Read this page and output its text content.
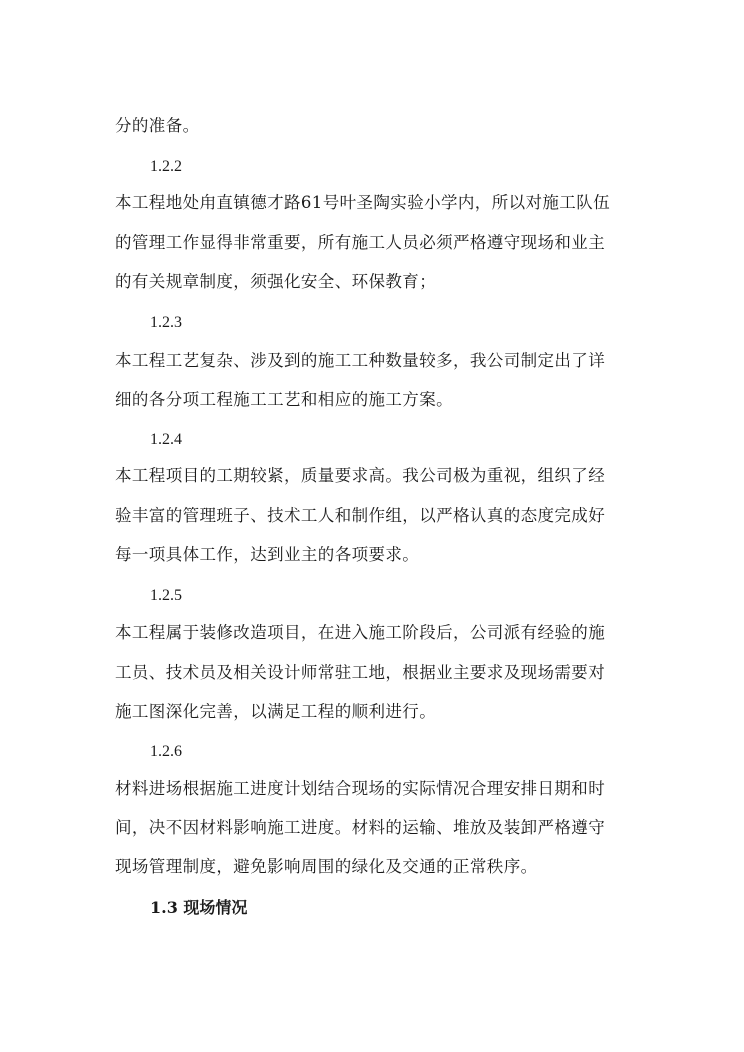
分的准备。
1.2.2
本工程地处甪直镇德才路61号叶圣陶实验小学内，所以对施工队伍
的管理工作显得非常重要，所有施工人员必须严格遵守现场和业主
的有关规章制度，须强化安全、环保教育；
1.2.3
本工程工艺复杂、涉及到的施工工种数量较多，我公司制定出了详
细的各分项工程施工工艺和相应的施工方案。
1.2.4
本工程项目的工期较紧，质量要求高。我公司极为重视，组织了经
验丰富的管理班子、技术工人和制作组，以严格认真的态度完成好
每一项具体工作，达到业主的各项要求。
1.2.5
本工程属于装修改造项目，在进入施工阶段后，公司派有经验的施
工员、技术员及相关设计师常驻工地，根据业主要求及现场需要对
施工图深化完善，以满足工程的顺利进行。
1.2.6
材料进场根据施工进度计划结合现场的实际情况合理安排日期和时
间，决不因材料影响施工进度。材料的运输、堆放及装卸严格遵守
现场管理制度，避免影响周围的绿化及交通的正常秩序。
1.3 现场情况
